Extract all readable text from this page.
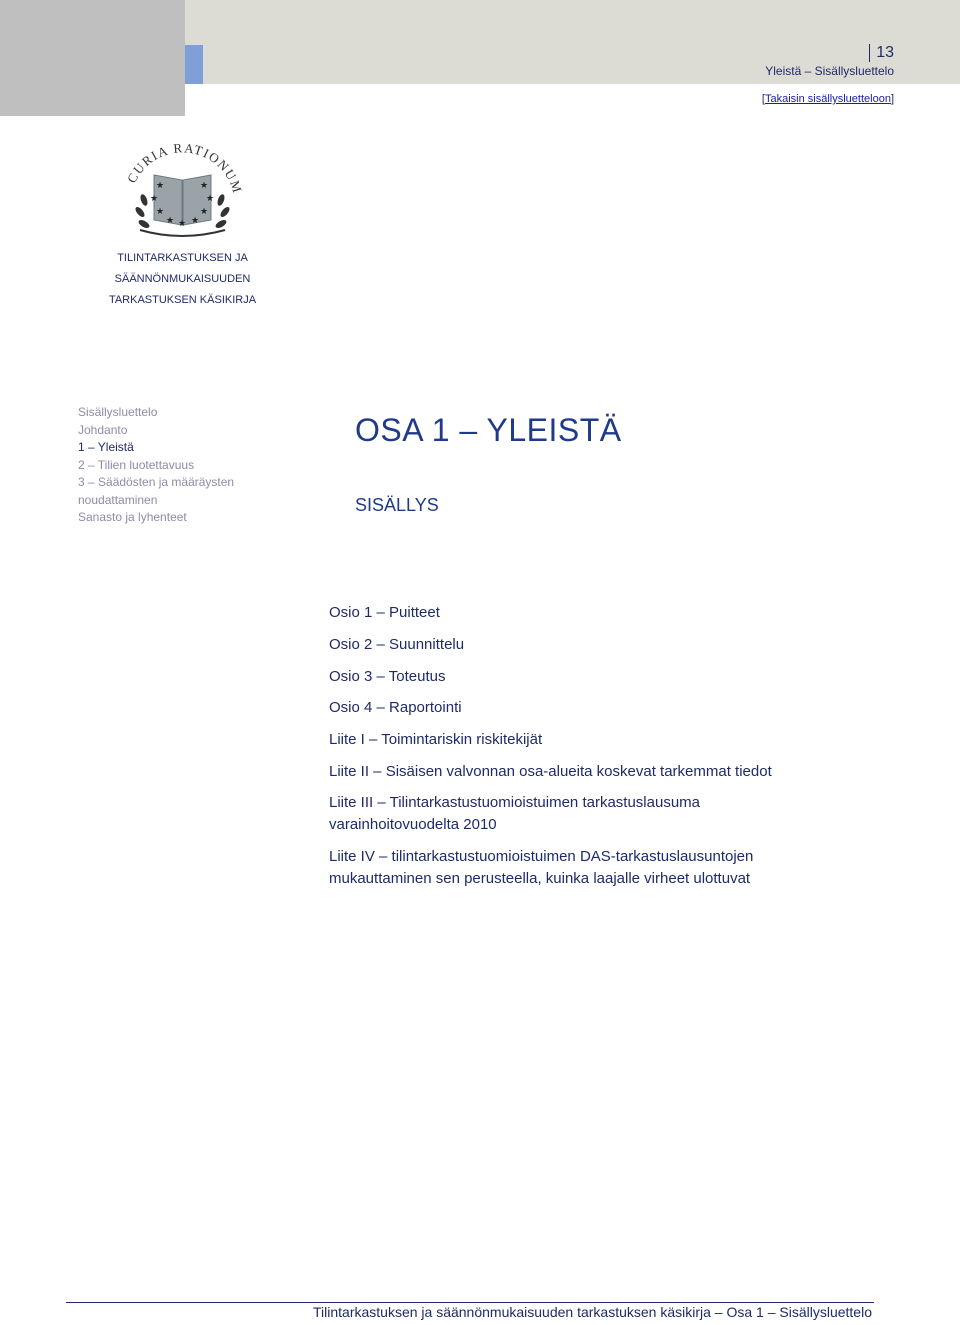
13
Yleistä – Sisällysluettelo
[Takaisin sisällysluetteloon]
CURIA RATIONUM
★	★
★	★
★	★
★ ★
★
TILINTARKASTUKSEN JA
SÄÄNNÖNMUKAISUUDEN
TARKASTUKSEN KÄSIKIRJA
Sisällysluettelo
Johdanto
1 – Yleistä
2 – Tilien luotettavuus
3 – Säädösten ja määräysten
noudattaminen
Sanasto ja lyhenteet
OSA 1 – YLEISTÄ
SISÄLLYS
Osio 1 – Puitteet
Osio 2 – Suunnittelu
Osio 3 – Toteutus
Osio 4 – Raportointi
Liite I – Toimintariskin riskitekijät
Liite II – Sisäisen valvonnan osa-alueita koskevat tarkemmat tiedot
Liite III – Tilintarkastustuomioistuimen tarkastuslausuma
varainhoitovuodelta 2010
Liite IV – tilintarkastustuomioistuimen DAS-tarkastuslausuntojen
mukauttaminen sen perusteella, kuinka laajalle virheet ulottuvat
Tilintarkastuksen ja säännönmukaisuuden tarkastuksen käsikirja – Osa 1 – Sisällysluettelo
